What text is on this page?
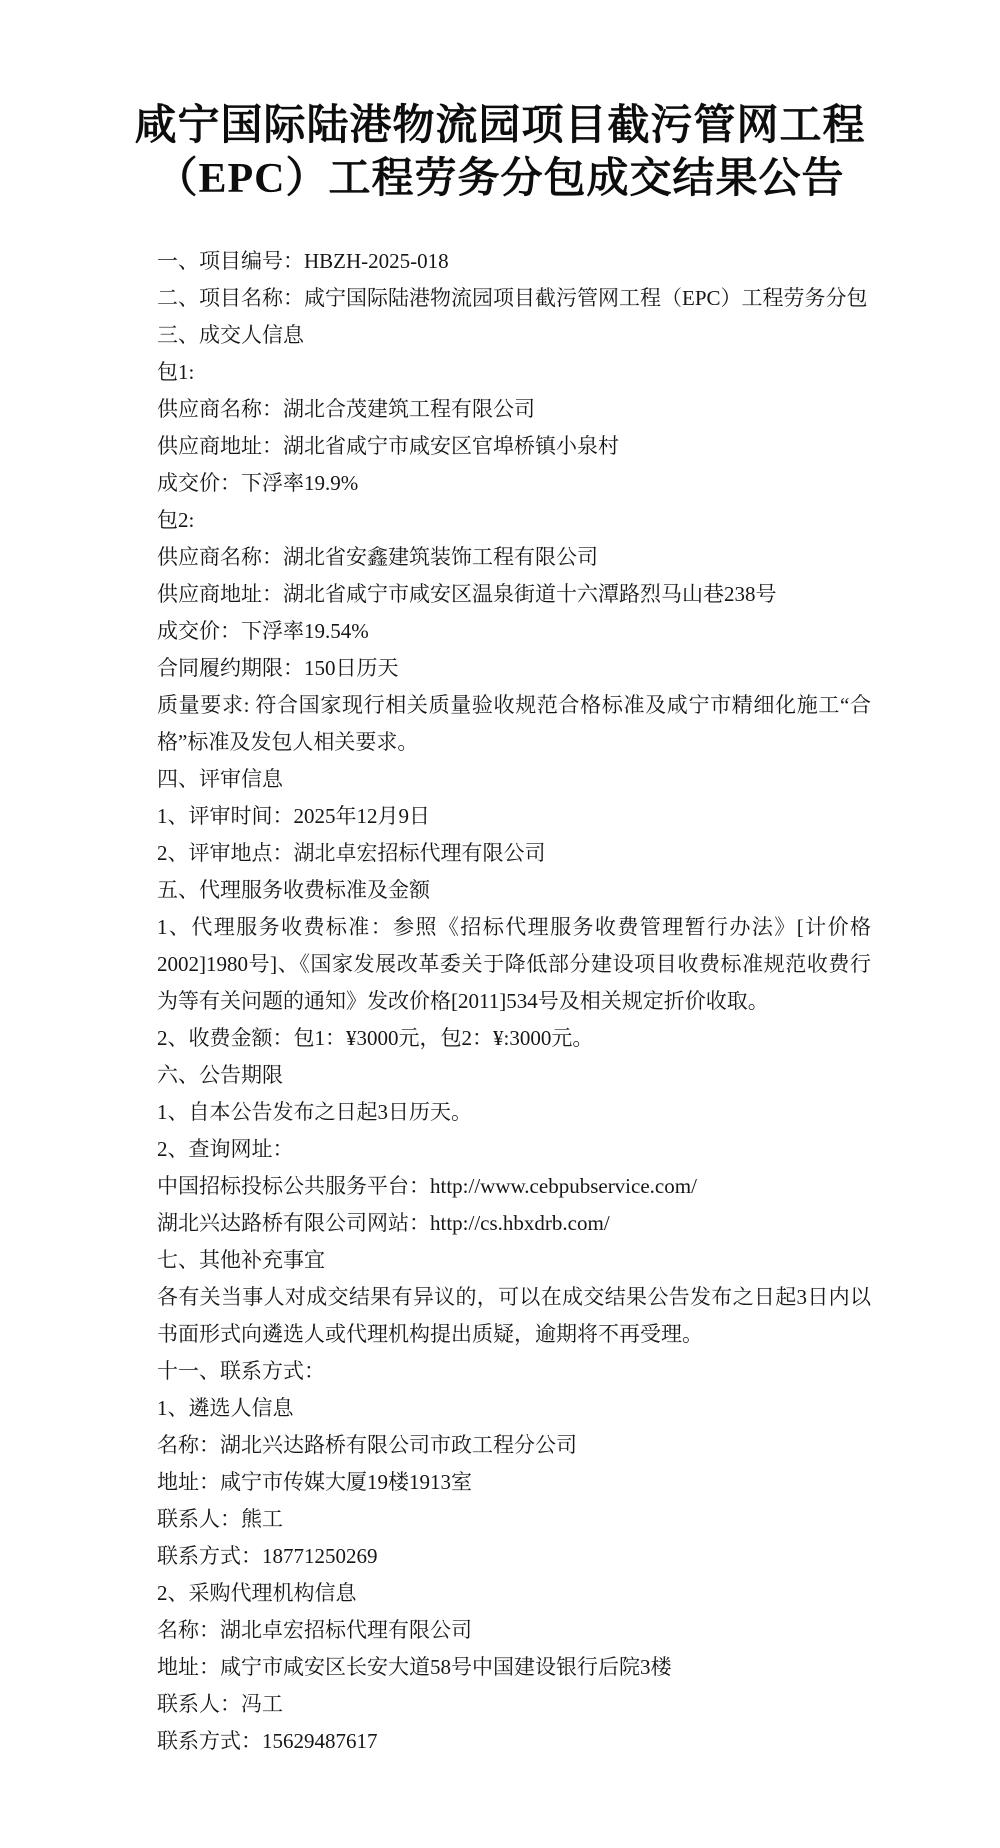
咸宁国际陆港物流园项目截污管网工程
（EPC）工程劳务分包成交结果公告

一、项目编号：HBZH-2025-018

二、项目名称：咸宁国际陆港物流园项目截污管网工程（EPC）工程劳务分包

三、成交人信息

包1:

供应商名称：湖北合茂建筑工程有限公司

供应商地址：湖北省咸宁市咸安区官埠桥镇小泉村

成交价：下浮率19.9%

包2:

供应商名称：湖北省安鑫建筑装饰工程有限公司

供应商地址：湖北省咸宁市咸安区温泉街道十六潭路烈马山巷238号

成交价：下浮率19.54%

合同履约期限：150日历天

质量要求: 符合国家现行相关质量验收规范合格标准及咸宁市精细化施工“合格”标准及发包人相关要求。

四、评审信息

1、评审时间：2025年12月9日

2、评审地点：湖北卓宏招标代理有限公司

五、代理服务收费标准及金额

1、代理服务收费标准：参照《招标代理服务收费管理暂行办法》[计价格2002]1980号]、《国家发展改革委关于降低部分建设项目收费标准规范收费行为等有关问题的通知》发改价格[2011]534号及相关规定折价收取。

2、收费金额：包1：¥3000元，包2：¥:3000元。

六、公告期限

1、自本公告发布之日起3日历天。

2、查询网址：

中国招标投标公共服务平台：http://www.cebpubservice.com/

湖北兴达路桥有限公司网站：http://cs.hbxdrb.com/

七、其他补充事宜

各有关当事人对成交结果有异议的，可以在成交结果公告发布之日起3日内以书面形式向遴选人或代理机构提出质疑，逾期将不再受理。

十一、联系方式：

1、遴选人信息

名称：湖北兴达路桥有限公司市政工程分公司

地址：咸宁市传媒大厦19楼1913室

联系人：熊工

联系方式：18771250269

2、采购代理机构信息

名称：湖北卓宏招标代理有限公司

地址：咸宁市咸安区长安大道58号中国建设银行后院3楼

联系人：冯工

联系方式：15629487617
